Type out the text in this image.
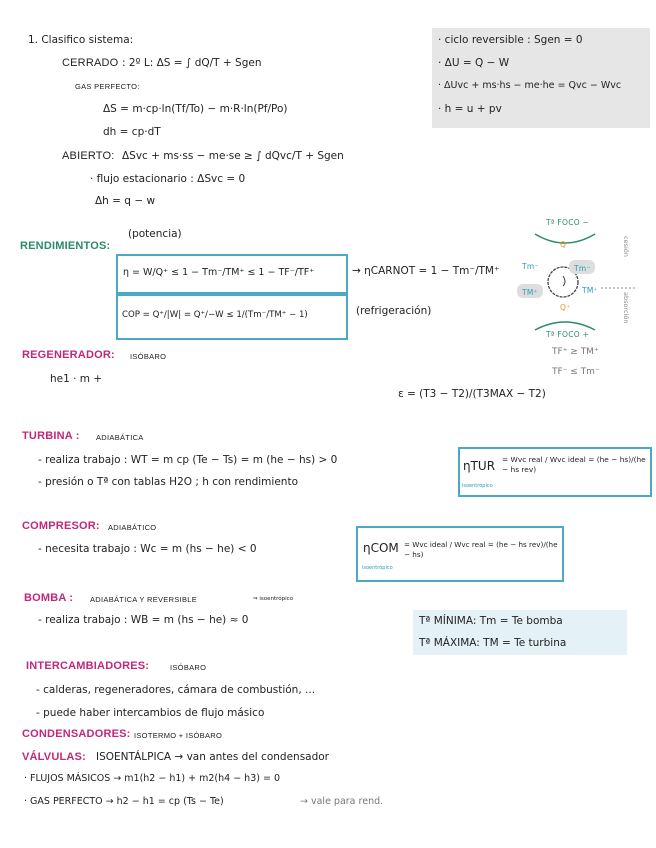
1. Clasifico sistema:
CERRADO : 2º L: ΔS = ∫ dQ/T + Sgen
GAS PERFECTO:
ΔS = m·cp·ln(Tf/To) − m·R·ln(Pf/Po)
dh = cp·dT
ABIERTO: ΔSvc + ms·ss − me·se ≥ ∫ dQvc/T + Sgen
· flujo estacionario : ΔSvc = 0
Δh = q − w
· ciclo reversible : Sgen = 0
· ΔU = Q − W
· ΔUvc + ms·hs − me·he = Qvc − Wvc
· h = u + pv
RENDIMIENTOS:
(potencia)
η = W/Q⁺ ≤ 1 − Tm⁻/TM⁺ ≤ 1 − TF⁻/TF⁺	→ ηCARNOT = 1 − Tm⁻/TM⁺
COP = Q⁺/|W| = Q⁺/−W ≤ 1/(Tm⁻/TM⁺ − 1)	(refrigeración)
Tª FOCO −
Q⁻
Tm⁻	Tm⁻
TM⁺	TM⁺
Q⁺
Tª FOCO +
cesión
absorción
TF⁺ ≥ TM⁺
TF⁻ ≤ Tm⁻
REGENERADOR: ISÓBARO
he1 · m +
ε = (T3 − T2)/(T3MAX − T2)
TURBINA : ADIABÁTICA
- realiza trabajo : WT = m cp (Te − Ts) = m (he − hs) > 0
- presión o Tª con tablas H2O ; h con rendimiento
ηTUR
isoentrópico
= Wvc real / Wvc ideal = (he − hs)/(he − hs rev)
COMPRESOR: ADIABÁTICO
- necesita trabajo : Wc = m (hs − he) < 0	ηCOM
isoentrópico
= Wvc ideal / Wvc real = (he − hs rev)/(he − hs)
BOMBA : ADIABÁTICA Y REVERSIBLE	⇒ isoentrópico
- realiza trabajo : WB = m (hs − he) ≈ 0	Tª MÍNIMA: Tm = Te bomba
Tª MÁXIMA: TM = Te turbina
INTERCAMBIADORES:	ISÓBARO
- calderas, regeneradores, cámara de combustión, ...
- puede haber intercambios de flujo másico
CONDENSADORES: ISOTERMO + ISÓBARO
VÁLVULAS: ISOENTÁLPICA → van antes del condensador
· FLUJOS MÁSICOS → m1(h2 − h1) + m2(h4 − h3) = 0
· GAS PERFECTO → h2 − h1 = cp (Ts − Te)	→ vale para rend.
